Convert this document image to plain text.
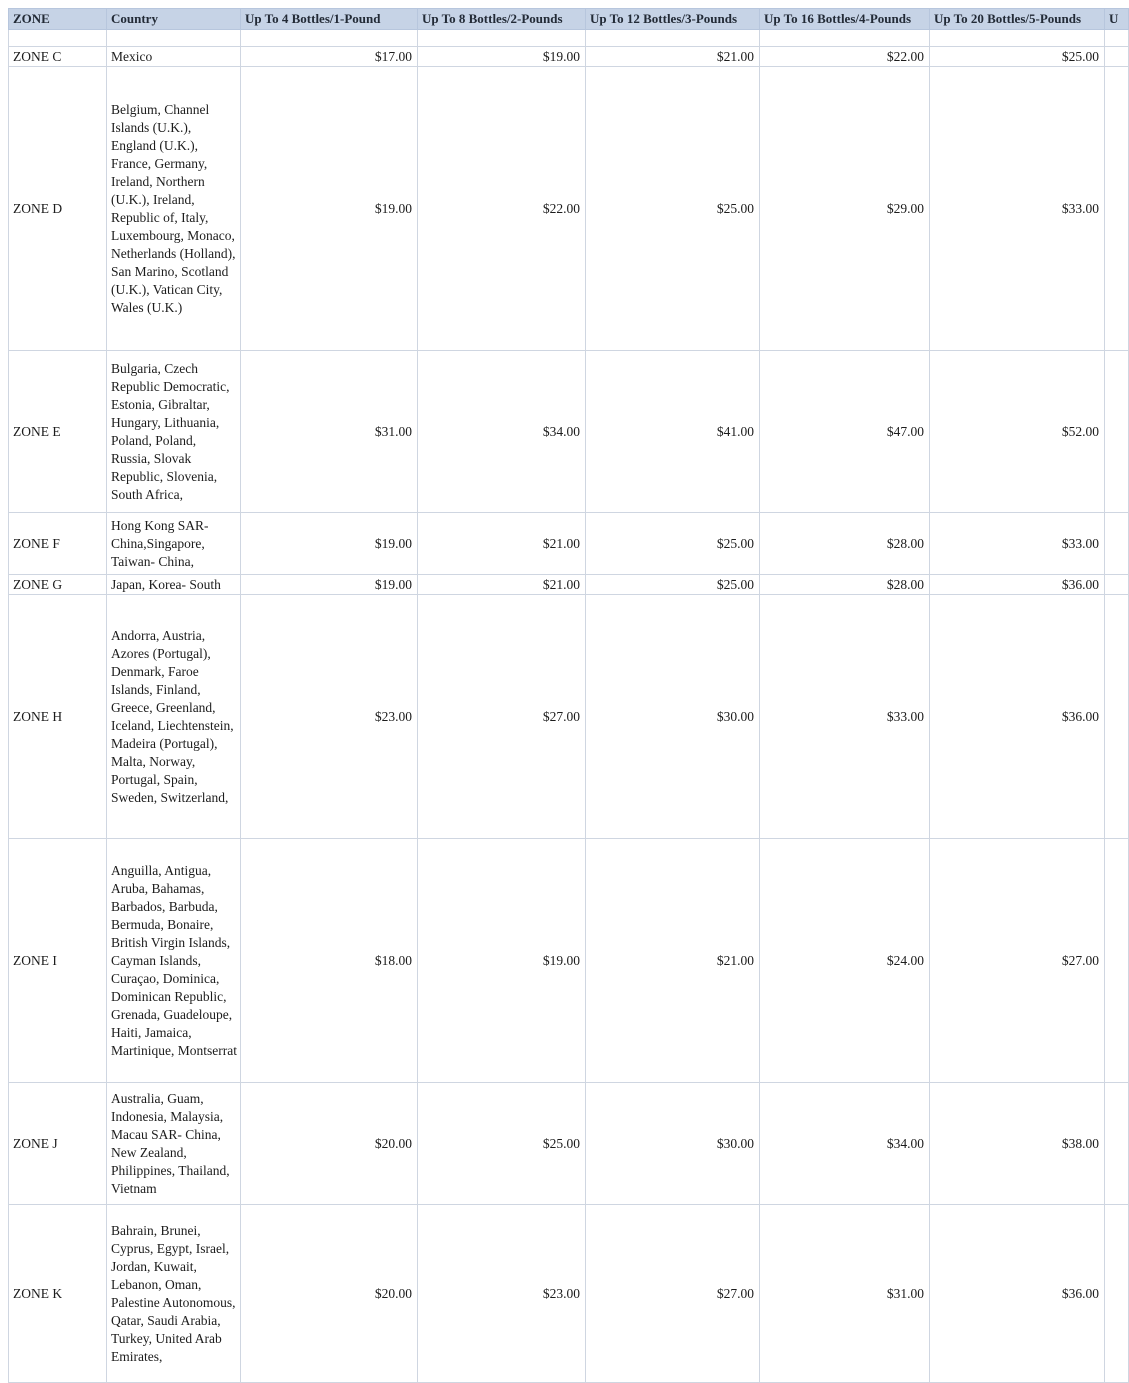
ZONE	Country	Up To 4 Bottles/1-Pound	Up To 8 Bottles/2-Pounds	Up To 12 Bottles/3-Pounds	Up To 16 Bottles/4-Pounds	Up To 20 Bottles/5-Pounds	U

ZONE C	Mexico	$17.00	$19.00	$21.00	$22.00	$25.00	
ZONE D	Belgium, Channel Islands (U.K.), England (U.K.), France, Germany, Ireland, Northern (U.K.), Ireland, Republic of, Italy, Luxembourg, Monaco, Netherlands (Holland), San Marino, Scotland (U.K.), Vatican City, Wales (U.K.)	$19.00	$22.00	$25.00	$29.00	$33.00	
ZONE E	Bulgaria, Czech Republic Democratic, Estonia, Gibraltar, Hungary, Lithuania, Poland, Poland, Russia, Slovak Republic, Slovenia, South Africa,	$31.00	$34.00	$41.00	$47.00	$52.00	
ZONE F	Hong Kong SAR- China,Singapore, Taiwan- China,	$19.00	$21.00	$25.00	$28.00	$33.00	
ZONE G	Japan, Korea- South	$19.00	$21.00	$25.00	$28.00	$36.00	
ZONE H	Andorra, Austria, Azores (Portugal), Denmark, Faroe Islands, Finland, Greece, Greenland, Iceland, Liechtenstein, Madeira (Portugal), Malta, Norway, Portugal, Spain, Sweden, Switzerland,	$23.00	$27.00	$30.00	$33.00	$36.00	
ZONE I	Anguilla, Antigua, Aruba, Bahamas, Barbados, Barbuda, Bermuda, Bonaire, British Virgin Islands, Cayman Islands, Curaçao, Dominica, Dominican Republic, Grenada, Guadeloupe, Haiti, Jamaica, Martinique, Montserrat	$18.00	$19.00	$21.00	$24.00	$27.00	
ZONE J	Australia, Guam, Indonesia, Malaysia, Macau SAR- China, New Zealand, Philippines, Thailand, Vietnam	$20.00	$25.00	$30.00	$34.00	$38.00	
ZONE K	Bahrain, Brunei, Cyprus, Egypt, Israel, Jordan, Kuwait, Lebanon, Oman, Palestine Autonomous, Qatar, Saudi Arabia, Turkey, United Arab Emirates,	$20.00	$23.00	$27.00	$31.00	$36.00	
